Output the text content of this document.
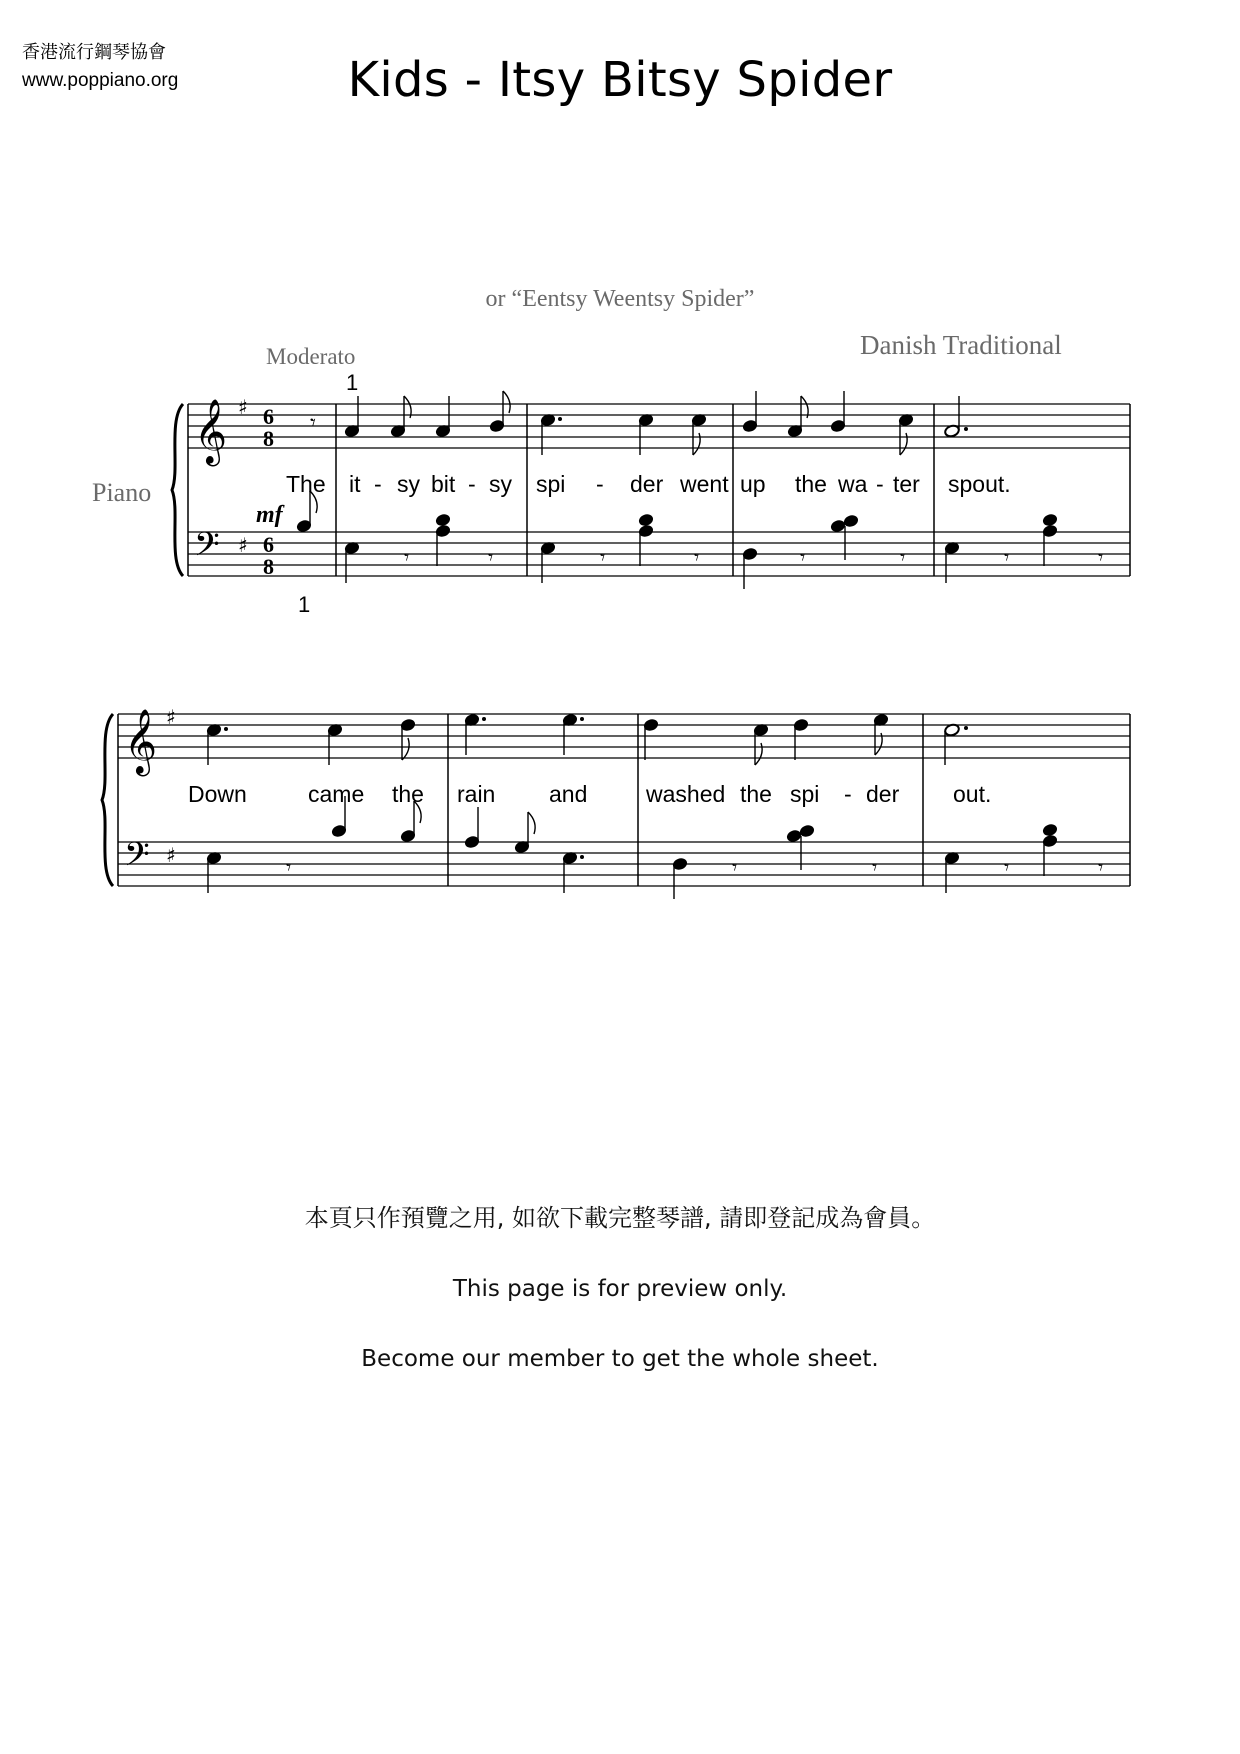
香港流行鋼琴協會
www.poppiano.org	Kids - Itsy Bitsy Spider
or “Eentsy Weentsy Spider”
Danish Traditional
Moderato
Piano
𝄞
𝄢
♯
♯
6
8
6
8
1
1
mf
𝄾
𝄾	𝄾	𝄾	𝄾	𝄾	𝄾	𝄾	𝄾
The it - sy bit - sy spi - der went up the wa - ter spout.
𝄞
𝄢
♯
♯	𝄾	𝄾	𝄾	𝄾	𝄾
Down	came the rain and	washed the spi - der out.
本頁只作預覽之用, 如欲下載完整琴譜, 請即登記成為會員。
This page is for preview only.
Become our member to get the whole sheet.
